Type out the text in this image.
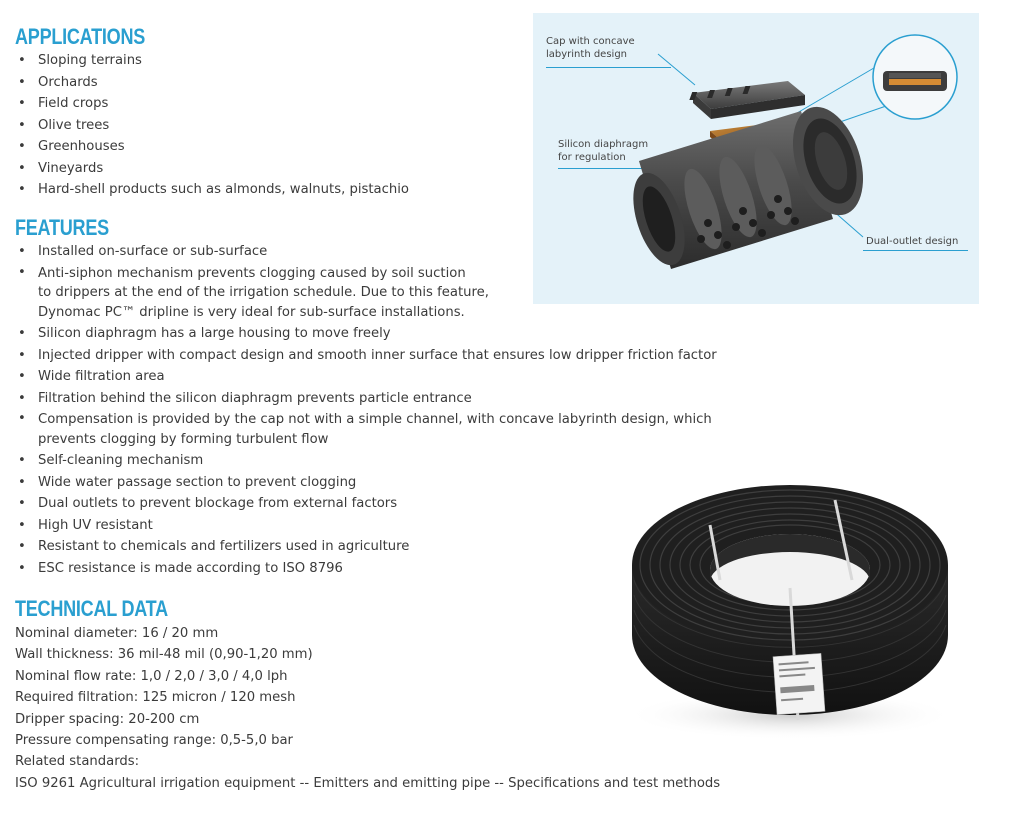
APPLICATIONS
• Sloping terrains
• Orchards
• Field crops
• Olive trees
• Greenhouses
• Vineyards
• Hard-shell products such as almonds, walnuts, pistachio
FEATURES
• Installed on-surface or sub-surface
• Anti-siphon mechanism prevents clogging caused by soil suction
to drippers at the end of the irrigation schedule. Due to this feature,
Dynomac PC™ dripline is very ideal for sub-surface installations.
• Silicon diaphragm has a large housing to move freely
• Injected dripper with compact design and smooth inner surface that ensures low dripper friction factor
• Wide filtration area
• Filtration behind the silicon diaphragm prevents particle entrance
• Compensation is provided by the cap not with a simple channel, with concave labyrinth design, which
prevents clogging by forming turbulent flow
• Self-cleaning mechanism
• Wide water passage section to prevent clogging
• Dual outlets to prevent blockage from external factors
• High UV resistant
• Resistant to chemicals and fertilizers used in agriculture
• ESC resistance is made according to ISO 8796
TECHNICAL DATA
Nominal diameter: 16 / 20 mm
Wall thickness: 36 mil-48 mil (0,90-1,20 mm)
Nominal flow rate: 1,0 / 2,0 / 3,0 / 4,0 lph
Required filtration: 125 micron / 120 mesh
Dripper spacing: 20-200 cm
Pressure compensating range: 0,5-5,0 bar
Related standards:
ISO 9261 Agricultural irrigation equipment -- Emitters and emitting pipe -- Specifications and test methods
Cap with concave
labyrinth design
Silicon diaphragm
for regulation
Dual-outlet design
